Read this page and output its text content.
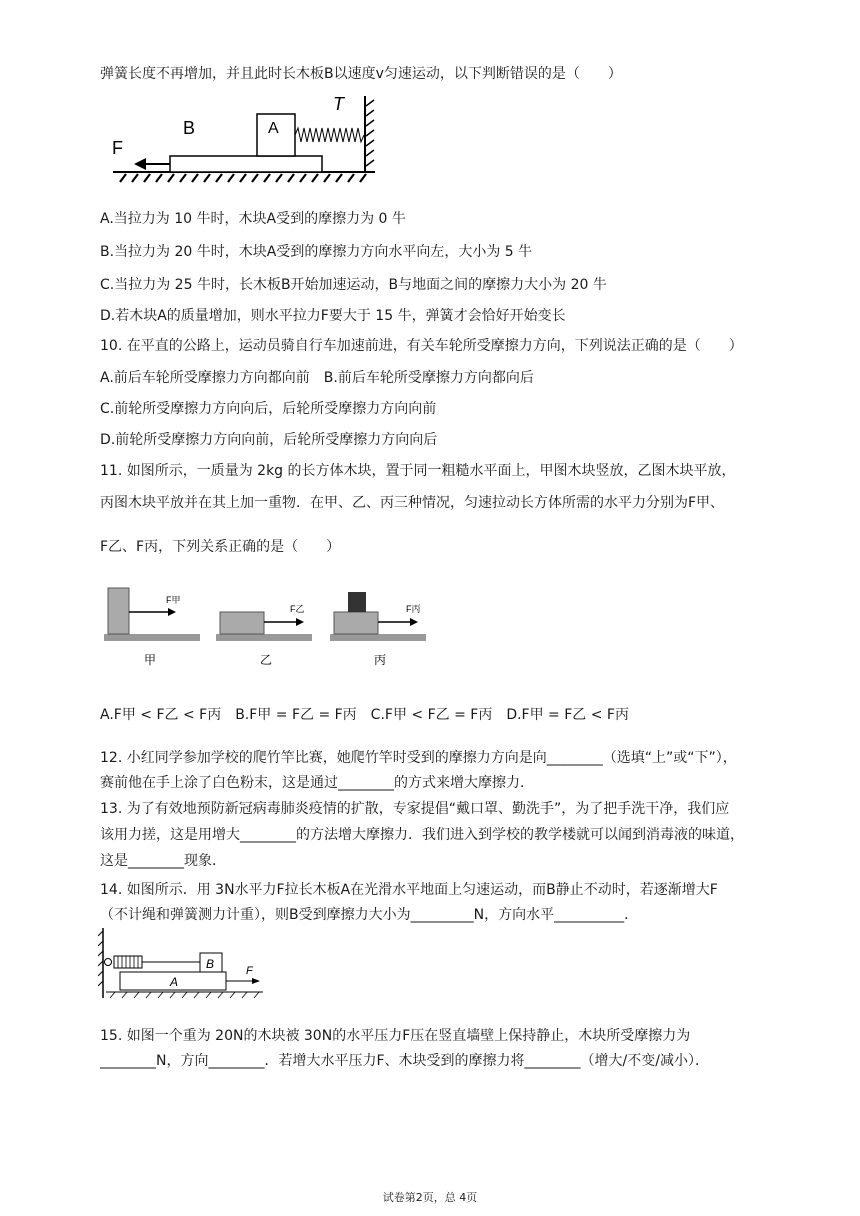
弹簧长度不再增加，并且此时长木板B以速度v匀速运动，以下判断错误的是（　　）
B	A
T
F
A.当拉力为 10 牛时，木块A受到的摩擦力为 0 牛
B.当拉力为 20 牛时，木块A受到的摩擦力方向水平向左，大小为 5 牛
C.当拉力为 25 牛时，长木板B开始加速运动，B与地面之间的摩擦力大小为 20 牛
D.若木块A的质量增加，则水平拉力F要大于 15 牛，弹簧才会恰好开始变长
10. 在平直的公路上，运动员骑自行车加速前进，有关车轮所受摩擦力方向，下列说法正确的是（　　）
A.前后车轮所受摩擦力方向都向前　B.前后车轮所受摩擦力方向都向后
C.前轮所受摩擦力方向向后，后轮所受摩擦力方向向前
D.前轮所受摩擦力方向向前，后轮所受摩擦力方向向后
11. 如图所示，一质量为 2kg 的长方体木块，置于同一粗糙水平面上，甲图木块竖放，乙图木块平放，
丙图木块平放并在其上加一重物．在甲、乙、丙三种情况，匀速拉动长方体所需的水平力分别为F甲、
F乙、F丙，下列关系正确的是（　　）
F甲
F乙	F丙
甲	乙	丙
A.F甲 < F乙 < F丙　B.F甲 = F乙 = F丙　C.F甲 < F乙 = F丙　D.F甲 = F乙 < F丙
12. 小红同学参加学校的爬竹竿比赛，她爬竹竿时受到的摩擦力方向是向________（选填“上”或“下”），
赛前他在手上涂了白色粉末，这是通过________的方式来增大摩擦力．
13. 为了有效地预防新冠病毒肺炎疫情的扩散，专家提倡“戴口罩、勤洗手”，为了把手洗干净，我们应
该用力搓，这是用增大________的方法增大摩擦力．我们进入到学校的教学楼就可以闻到消毒液的味道，
这是________现象．
14. 如图所示．用 3N水平力F拉长木板A在光滑水平地面上匀速运动，而B静止不动时，若逐渐增大F
（不计绳和弹簧测力计重），则B受到摩擦力大小为_________N，方向水平__________．
B
A
F
15. 如图一个重为 20N的木块被 30N的水平压力F压在竖直墙壁上保持静止，木块所受摩擦力为
________N，方向________．若增大水平压力F、木块受到的摩擦力将________（增大/不变/减小）．
试卷第2页，总 4页
